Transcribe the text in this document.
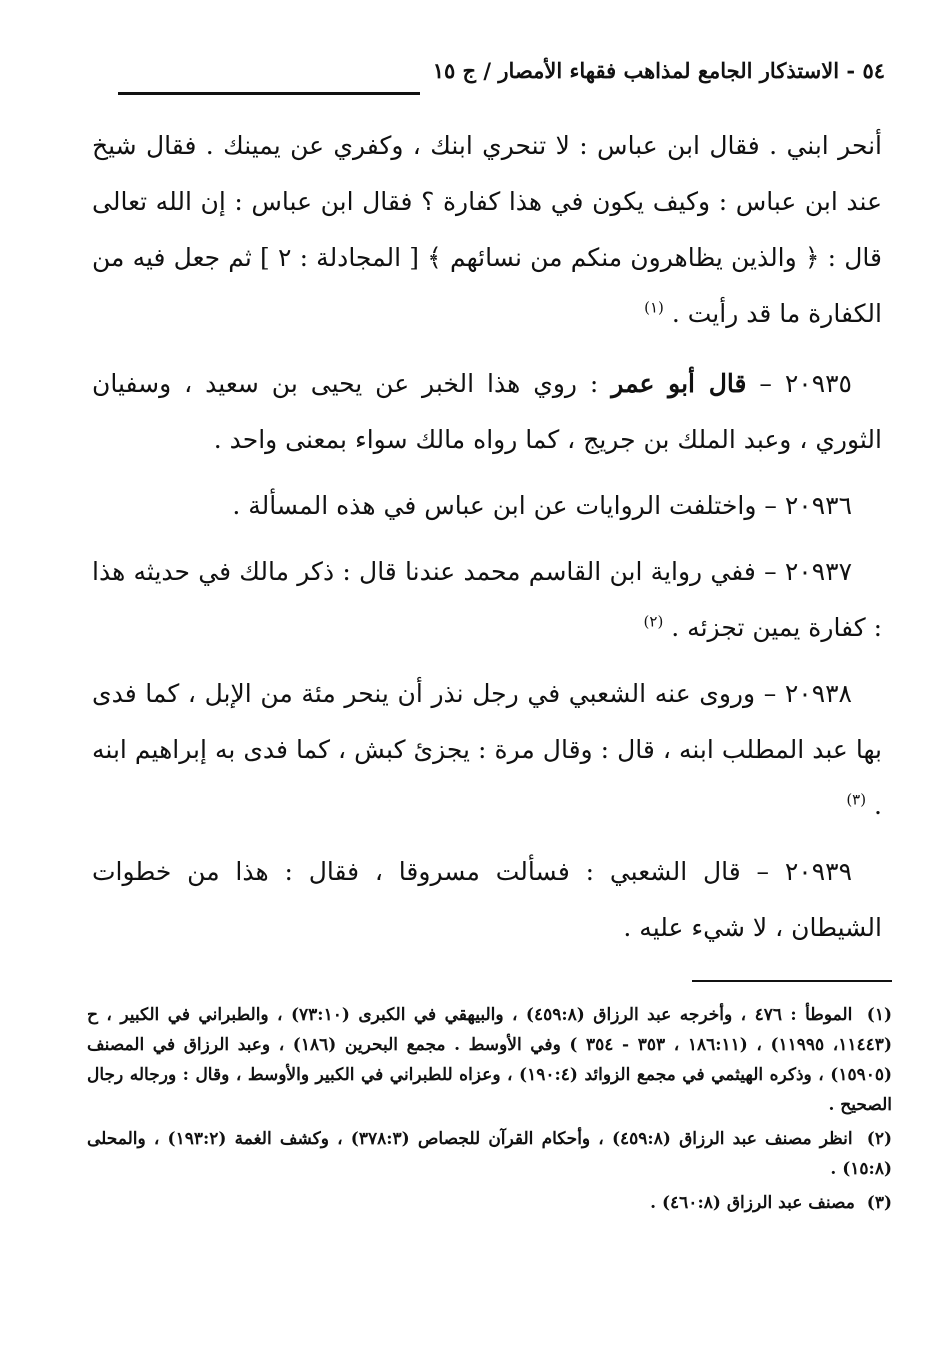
٥٤ - الاستذكار الجامع لمذاهب فقهاء الأمصار / ج ١٥

أنحر ابني . فقال ابن عباس : لا تنحري ابنك ، وكفري عن يمينك . فقال شيخ عند ابن عباس : وكيف يكون في هذا كفارة ؟ فقال ابن عباس : إن الله تعالى قال : ﴿ والذين يظاهرون منكم من نسائهم ﴾ [ المجادلة : ٢ ] ثم جعل فيه من الكفارة ما قد رأيت . $^{(١)}$

٢٠٩٣٥ – قال أبو عمر : روي هذا الخبر عن يحيى بن سعيد ، وسفيان الثوري ، وعبد الملك بن جريج ، كما رواه مالك سواء بمعنى واحد .

٢٠٩٣٦ – واختلفت الروايات عن ابن عباس في هذه المسألة .

٢٠٩٣٧ – ففي رواية ابن القاسم محمد عندنا قال : ذكر مالك في حديثه هذا : كفارة يمين تجزئه . $^{(٢)}$

٢٠٩٣٨ – وروى عنه الشعبي في رجل نذر أن ينحر مئة من الإبل ، كما فدى بها عبد المطلب ابنه ، قال : وقال مرة : يجزئ كبش ، كما فدى به إبراهيم ابنه . $^{(٣)}$

٢٠٩٣٩ – قال الشعبي : فسألت مسروقا ، فقال : هذا من خطوات الشيطان ، لا شيء عليه .

(١) الموطأ : ٤٧٦ ، وأخرجه عبد الرزاق (٤٥٩:٨) ، والبيهقي في الكبرى (٧٣:١٠) ، والطبراني في الكبير ، ح (١١٤٤٣، ١١٩٩٥) ، (١٨٦:١١ ، ٣٥٣ - ٣٥٤ ) وفي الأوسط . مجمع البحرين (١٨٦) ، وعبد الرزاق في المصنف (١٥٩٠٥) ، وذكره الهيثمي في مجمع الزوائد (١٩٠:٤) ، وعزاه للطبراني في الكبير والأوسط ، وقال : ورجاله رجال الصحيح .

(٢) انظر مصنف عبد الرزاق (٤٥٩:٨) ، وأحكام القرآن للجصاص (٣٧٨:٣) ، وكشف الغمة (١٩٣:٢) ، والمحلى (١٥:٨) .

(٣) مصنف عبد الرزاق (٤٦٠:٨) .
